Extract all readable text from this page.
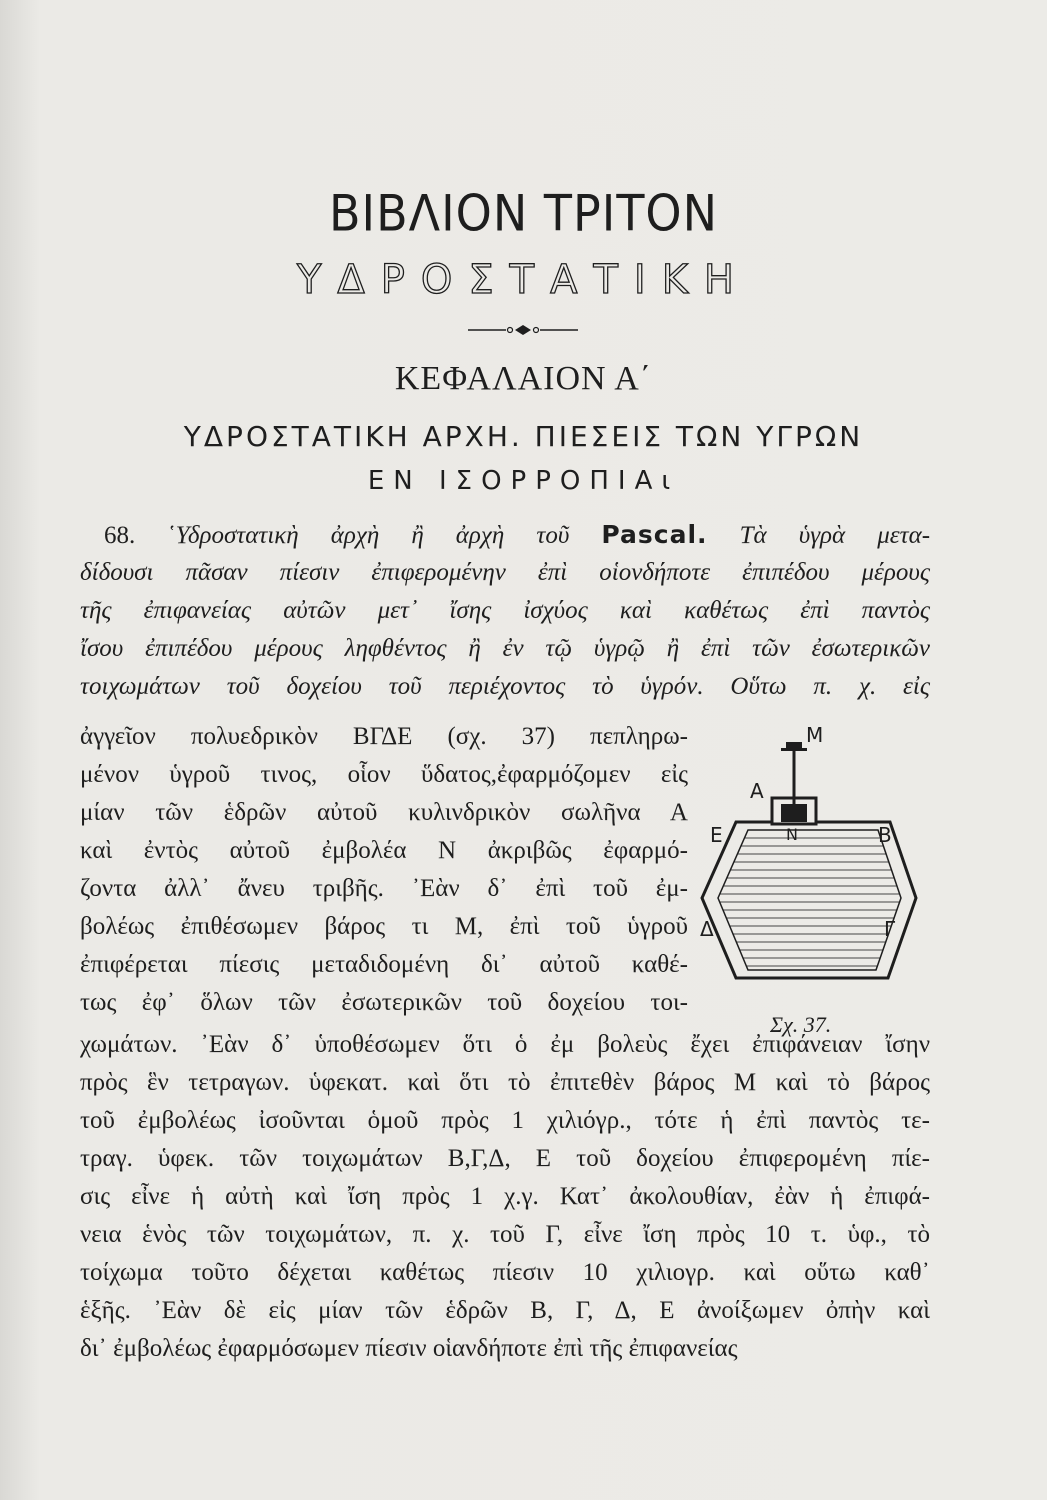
ΒΙΒΛΙΟΝ ΤΡΙΤΟΝ
ΥΔΡΟΣΤΑΤΙΚΗ
ΚΕΦΑΛΑΙΟΝ Α΄
ΥΔΡΟΣΤΑΤΙΚΗ ΑΡΧΗ. ΠΙΕΣΕΙΣ ΤΩΝ ΥΓΡΩΝ
ΕΝ ΙΣΟΡΡΟΠΙΑι
68. ῾Υδροστατικὴ ἀρχὴ ἢ ἀρχὴ τοῦ Pascal. Τὰ ὑγρὰ μετα-
δίδουσι πᾶσαν πίεσιν ἐπιφερομένην ἐπὶ οἱονδήποτε ἐπιπέδου μέρους
τῆς ἐπιφανείας αὐτῶν μετ᾽ ἴσης ἰσχύος καὶ καθέτως ἐπὶ παντὸς
ἴσου ἐπιπέδου μέρους ληφθέντος ἢ ἐν τῷ ὑγρῷ ἢ ἐπὶ τῶν ἐσωτερικῶν
τοιχωμάτων τοῦ δοχείου τοῦ περιέχοντος τὸ ὑγρόν. Οὕτω π. χ. εἰς
ἀγγεῖον πολυεδρικὸν ΒΓΔΕ (σχ. 37) πεπληρω-
μένον ὑγροῦ τινος, οἷον ὕδατος,ἐφαρμόζομεν εἰς
μίαν τῶν ἑδρῶν αὐτοῦ κυλινδρικὸν σωλῆνα Α
καὶ ἐντὸς αὐτοῦ ἐμβολέα Ν ἀκριβῶς ἐφαρμό-
ζοντα ἀλλ᾽ ἄνευ τριβῆς. ᾽Εὰν δ᾽ ἐπὶ τοῦ ἐμ-
βολέως ἐπιθέσωμεν βάρος τι Μ, ἐπὶ τοῦ ὑγροῦ
ἐπιφέρεται πίεσις μεταδιδομένη δι᾽ αὐτοῦ καθέ-
τως ἐφ᾽ ὅλων τῶν ἐσωτερικῶν τοῦ δοχείου τοι-
χωμάτων. ᾽Εὰν δ᾽ ὑποθέσωμεν ὅτι ὁ ἐμ βολεὺς ἔχει ἐπιφάνειαν ἴσην
πρὸς ἓν τετραγων. ὑφεκατ. καὶ ὅτι τὸ ἐπιτεθὲν βάρος Μ καὶ τὸ βάρος
τοῦ ἐμβολέως ἰσοῦνται ὁμοῦ πρὸς 1 χιλιόγρ., τότε ἡ ἐπὶ παντὸς τε-
τραγ. ὑφεκ. τῶν τοιχωμάτων Β,Γ,Δ, Ε τοῦ δοχείου ἐπιφερομένη πίε-
σις εἶνε ἡ αὐτὴ καὶ ἴση πρὸς 1 χ.γ. Κατ᾽ ἀκολουθίαν, ἐὰν ἡ ἐπιφά-
νεια ἑνὸς τῶν τοιχωμάτων, π. χ. τοῦ Γ, εἶνε ἴση πρὸς 10 τ. ὑφ., τὸ
τοίχωμα τοῦτο δέχεται καθέτως πίεσιν 10 χιλιογρ. καὶ οὕτω καθ᾽
ἑξῆς. ᾽Εὰν δὲ εἰς μίαν τῶν ἑδρῶν Β, Γ, Δ, Ε ἀνοίξωμεν ὀπὴν καὶ
δι᾽ ἐμβολέως ἐφαρμόσωμεν πίεσιν οἱανδήποτε ἐπὶ τῆς ἐπιφανείας
M
A
N
E	B
Δ	Γ
Σχ. 37.
